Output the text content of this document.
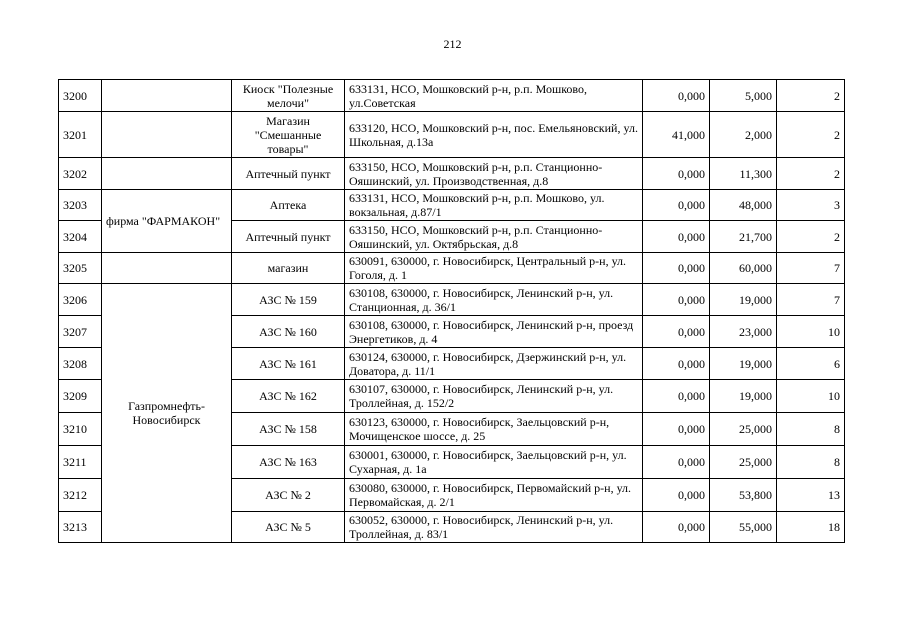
212
3200		Киоск "Полезные мелочи"	633131, НСО, Мошковский р-н, р.п. Мошково, ул.Советская	0,000	5,000	2
3201		Магазин "Смешанные товары"	633120, НСО, Мошковский р-н, пос. Емельяновский, ул. Школьная, д.13а	41,000	2,000	2
3202		Аптечный пункт	633150, НСО, Мошковский р-н, р.п. Станционно-Ояшинский, ул. Производственная, д.8	0,000	11,300	2
3203	фирма "ФАРМАКОН"	Аптека	633131, НСО, Мошковский р-н, р.п. Мошково, ул. вокзальная, д.87/1	0,000	48,000	3
3204		Аптечный пункт	633150, НСО, Мошковский р-н, р.п. Станционно-Ояшинский, ул. Октябрьская, д.8	0,000	21,700	2
3205		магазин	630091, 630000, г. Новосибирск, Центральный р-н, ул. Гоголя, д. 1	0,000	60,000	7
3206	Газпромнефть-Новосибирск	АЗС № 159	630108, 630000, г. Новосибирск, Ленинский р-н, ул. Станционная, д. 36/1	0,000	19,000	7
3207		АЗС № 160	630108, 630000, г. Новосибирск, Ленинский р-н, проезд Энергетиков, д. 4	0,000	23,000	10
3208		АЗС № 161	630124, 630000, г. Новосибирск, Дзержинский р-н, ул. Доватора, д. 11/1	0,000	19,000	6
3209		АЗС № 162	630107, 630000, г. Новосибирск, Ленинский р-н, ул. Троллейная, д. 152/2	0,000	19,000	10
3210		АЗС № 158	630123, 630000, г. Новосибирск, Заельцовский р-н, Мочищенское шоссе, д. 25	0,000	25,000	8
3211		АЗС № 163	630001, 630000, г. Новосибирск, Заельцовский р-н, ул. Сухарная, д. 1а	0,000	25,000	8
3212		АЗС № 2	630080, 630000, г. Новосибирск, Первомайский р-н, ул. Первомайская, д. 2/1	0,000	53,800	13
3213		АЗС № 5	630052, 630000, г. Новосибирск, Ленинский р-н, ул. Троллейная, д. 83/1	0,000	55,000	18
